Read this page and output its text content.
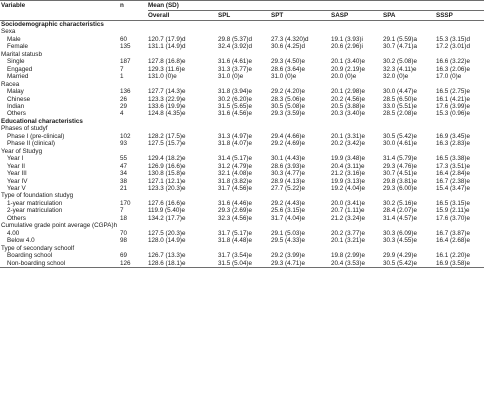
Variable	n	Mean (SD)					
		Overall	SPL	SPT	SASP	SPA	SSSP
Sociodemographic characteristics							
Sexa							
Male	60	120.7 (17.9)d	29.8 (5.37)d	27.3 (4.320)d	19.1 (3.93)i	29.1 (5.59)a	15.3 (3.15)d
Female	135	131.1 (14.9)d	32.4 (3.92)d	30.6 (4.25)d	20.6 (2.96)i	30.7 (4.71)a	17.2 (3.01)d
Marital statusb							
Single	187	127.8 (16.8)e	31.6 (4.61)e	29.3 (4.50)e	20.1 (3.40)e	30.2 (5.08)e	16.6 (3.22)e
Engaged	7	129.3 (11.6)e	31.3 (3.77)e	28.6 (3.64)e	20.9 (2.19)e	32.3 (4.11)e	16.3 (2.06)e
Married	1	131.0 (0)e	31.0 (0)e	31.0 (0)e	20.0 (0)e	32.0 (0)e	17.0 (0)e
Racea							
Malay	136	127.7 (14.3)e	31.8 (3.94)e	29.2 (4.20)e	20.1 (2.98)e	30.0 (4.47)e	16.5 (2.75)e
Chinese	26	123.3 (22.9)e	30.2 (6.20)e	28.3 (5.06)e	20.2 (4.56)e	28.5 (6.50)e	16.1 (4.21)e
Indian	29	133.6 (19.9)e	31.5 (5.65)e	30.5 (5.08)e	20.5 (3.88)e	33.0 (5.51)e	17.6 (3.99)e
Others	4	124.8 (4.35)e	31.6 (4.56)e	29.3 (3.59)e	20.3 (3.40)e	28.5 (2.08)e	15.3 (0.96)e
Educational characteristics							
Phases of studyf							
Phase I (pre-clinical)	102	128.2 (17.5)e	31.3 (4.97)e	29.4 (4.66)e	20.1 (3.31)e	30.5 (5.42)e	16.9 (3.45)e
Phase II (clinical)	93	127.5 (15.7)e	31.8 (4.07)e	29.2 (4.69)e	20.2 (3.42)e	30.0 (4.61)e	16.3 (2.83)e
Year of Studyg							
Year I	55	129.4 (18.2)e	31.4 (5.17)e	30.1 (4.43)e	19.9 (3.48)e	31.4 (5.79)e	16.5 (3.38)e
Year II	47	126.9 (16.6)e	31.2 (4.79)e	28.6 (3.93)e	20.4 (3.11)e	29.3 (4.76)e	17.3 (3.51)e
Year III	34	130.8 (15.8)e	32.1 (4.08)e	30.3 (4.77)e	21.2 (3.16)e	30.7 (4.51)e	16.4 (2.84)e
Year IV	38	127.1 (12.1)e	31.8 (3.82)e	28.9 (4.13)e	19.9 (3.13)e	29.8 (3.81)e	16.7 (2.38)e
Year V	21	123.3 (20.3)e	31.7 (4.56)e	27.7 (5.22)e	19.2 (4.04)e	29.3 (6.00)e	15.4 (3.47)e
Type of foundation studyg							
1-year matriculation	170	127.6 (16.6)e	31.6 (4.46)e	29.2 (4.43)e	20.0 (3.41)e	30.2 (5.16)e	16.5 (3.15)e
2-year matriculation	7	119.9 (5.40)e	29.3 (2.69)e	25.6 (3.15)e	20.7 (1.11)e	28.4 (2.07)e	15.9 (2.11)e
Others	18	134.2 (17.7)e	32.3 (4.56)e	31.7 (4.04)e	21.2 (3.24)e	31.4 (4.57)e	17.6 (3.70)e
Cumulative grade point average (CGPA)h							
4.00	70	127.5 (20.3)e	31.7 (5.17)e	29.1 (5.03)e	20.2 (3.77)e	30.3 (6.09)e	16.7 (3.87)e
Below 4.0	98	128.0 (14.9)e	31.8 (4.48)e	29.5 (4.33)e	20.1 (3.21)e	30.3 (4.55)e	16.4 (2.68)e
Type of secondary schoolf							
Boarding school	69	126.7 (13.3)e	31.7 (3.54)e	29.2 (3.99)e	19.8 (2.99)e	29.9 (4.29)e	16.1 (2.20)e
Non-boarding school	126	128.6 (18.1)e	31.5 (5.04)e	29.3 (4.71)e	20.4 (3.53)e	30.5 (5.42)e	16.9 (3.58)e
